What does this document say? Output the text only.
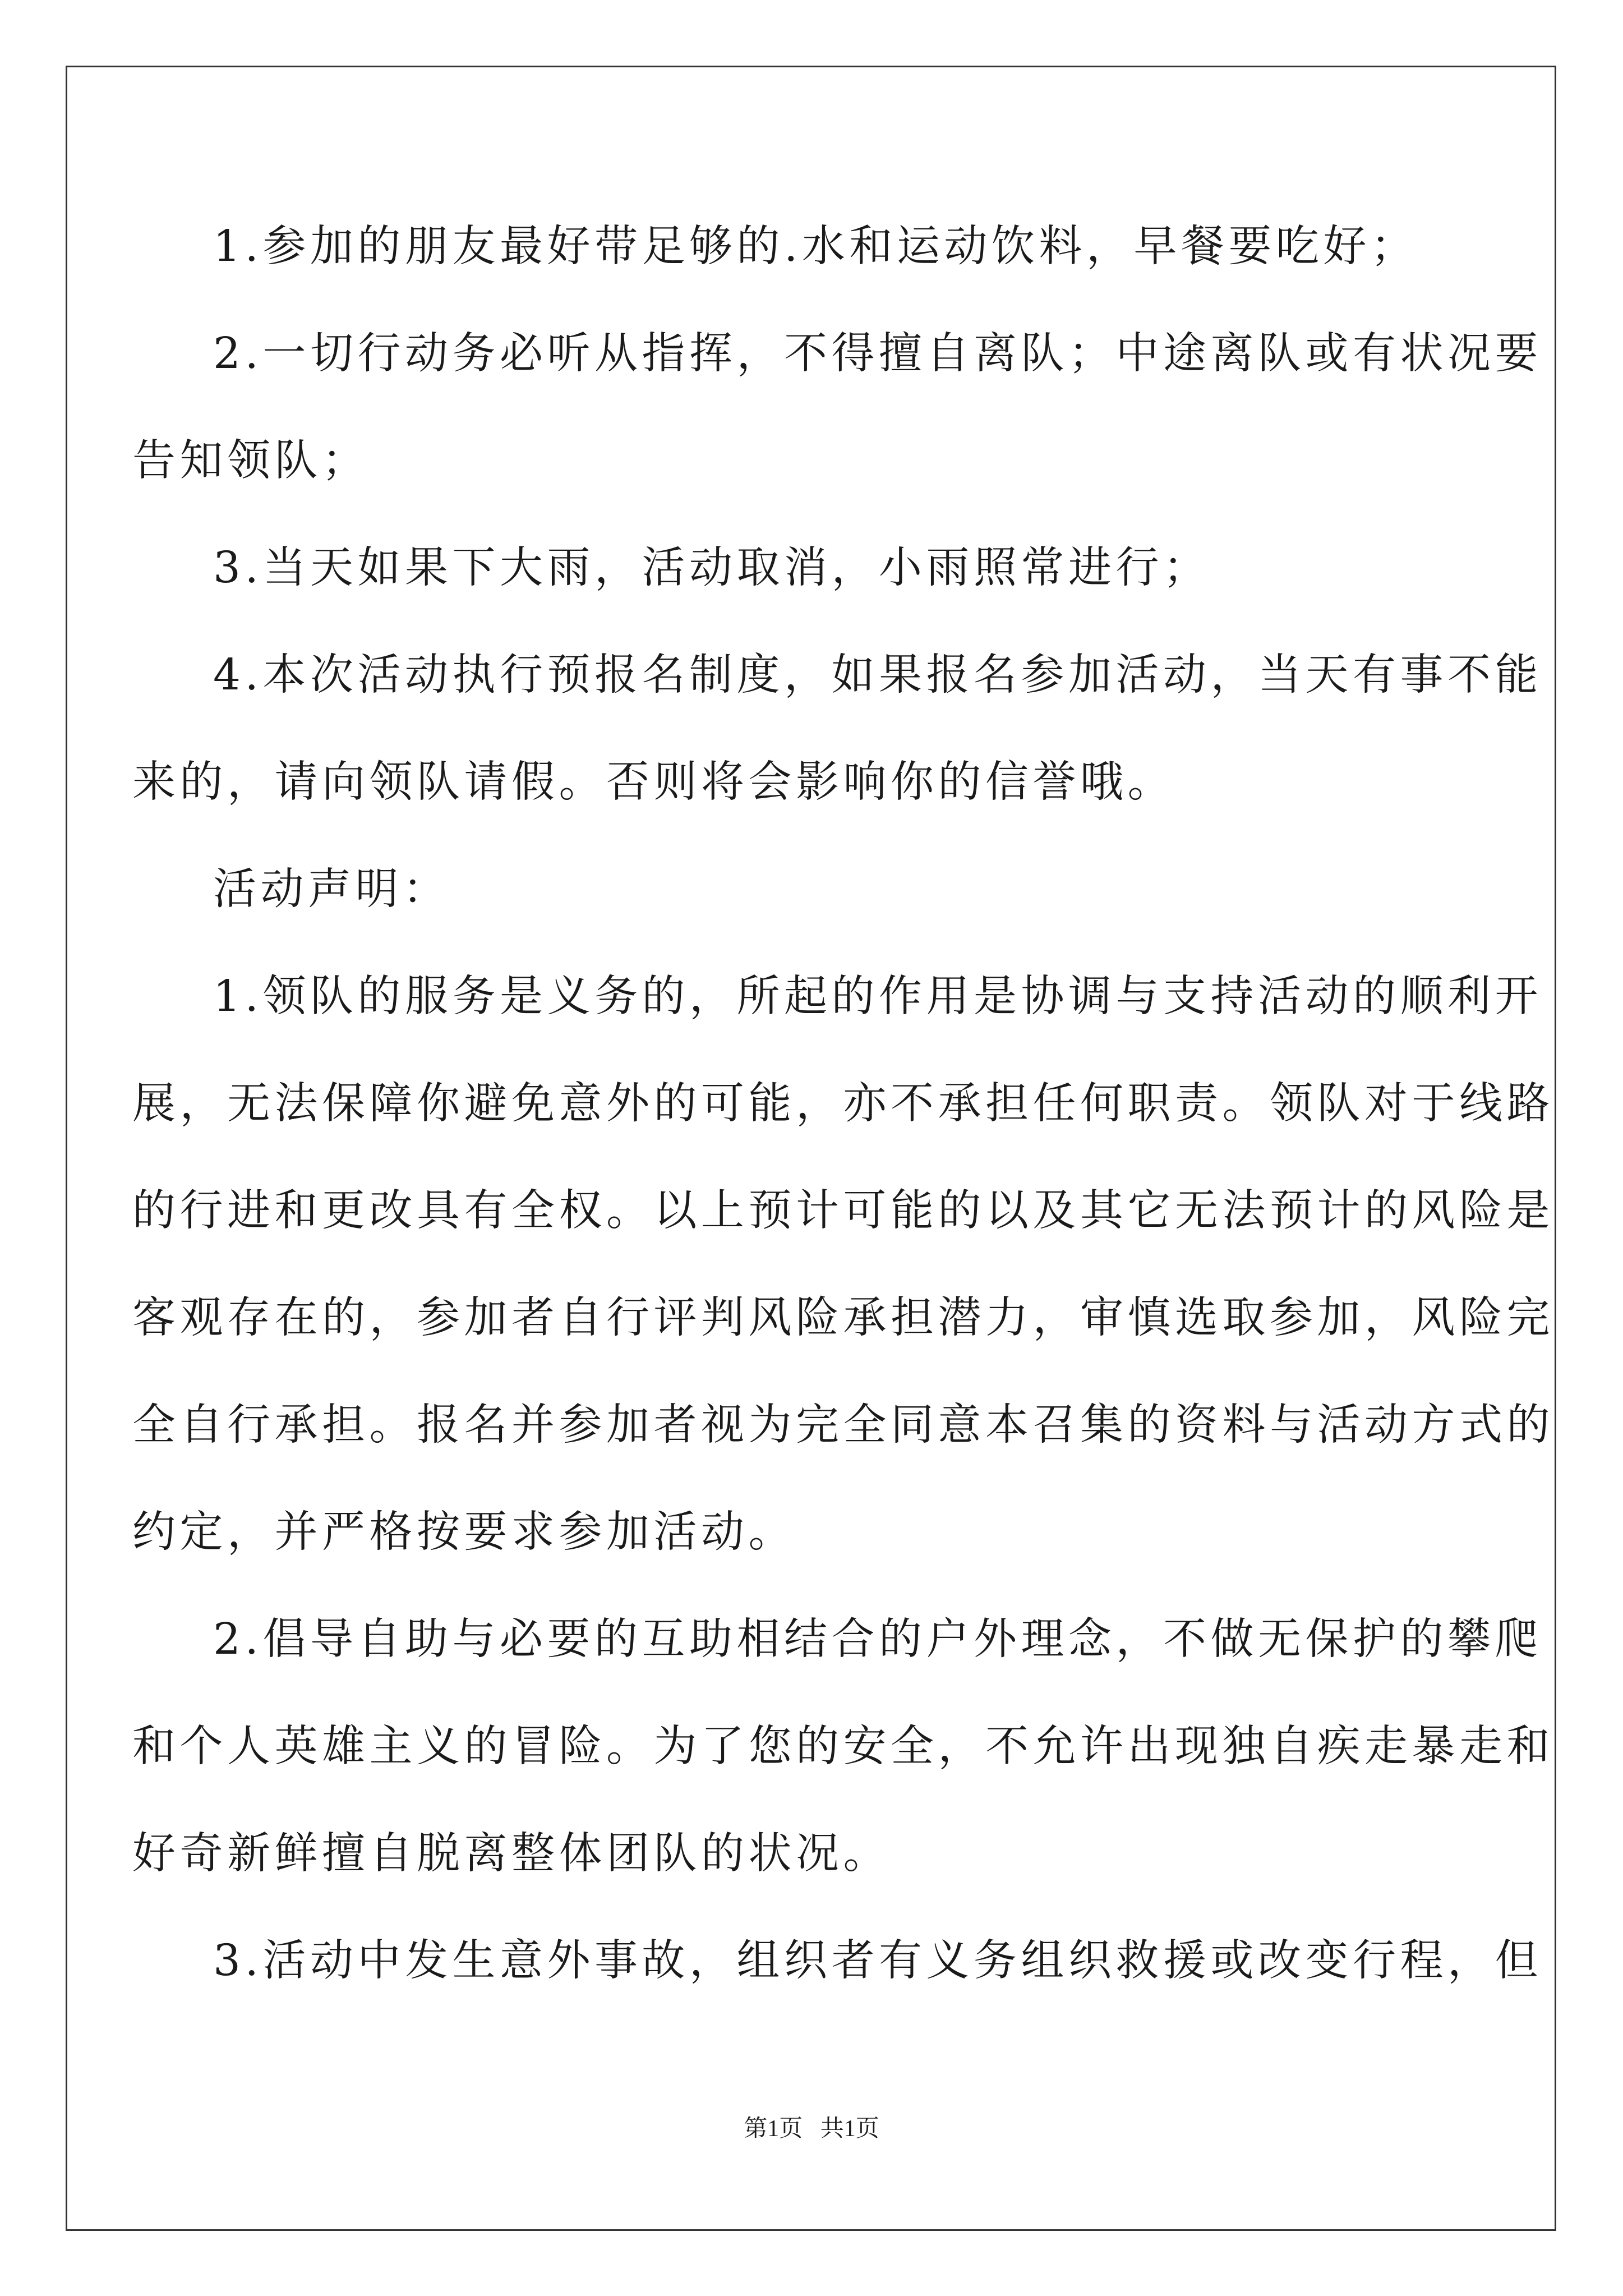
1.参加的朋友最好带足够的.水和运动饮料，早餐要吃好；
2.一切行动务必听从指挥，不得擅自离队；中途离队或有状况要
告知领队；
3.当天如果下大雨，活动取消，小雨照常进行；
4.本次活动执行预报名制度，如果报名参加活动，当天有事不能
来的，请向领队请假。否则将会影响你的信誉哦。
活动声明：
1.领队的服务是义务的，所起的作用是协调与支持活动的顺利开
展，无法保障你避免意外的可能，亦不承担任何职责。领队对于线路
的行进和更改具有全权。以上预计可能的以及其它无法预计的风险是
客观存在的，参加者自行评判风险承担潜力，审慎选取参加，风险完
全自行承担。报名并参加者视为完全同意本召集的资料与活动方式的
约定，并严格按要求参加活动。
2.倡导自助与必要的互助相结合的户外理念，不做无保护的攀爬
和个人英雄主义的冒险。为了您的安全，不允许出现独自疾走暴走和
好奇新鲜擅自脱离整体团队的状况。
3.活动中发生意外事故，组织者有义务组织救援或改变行程，但
第1页   共1页
